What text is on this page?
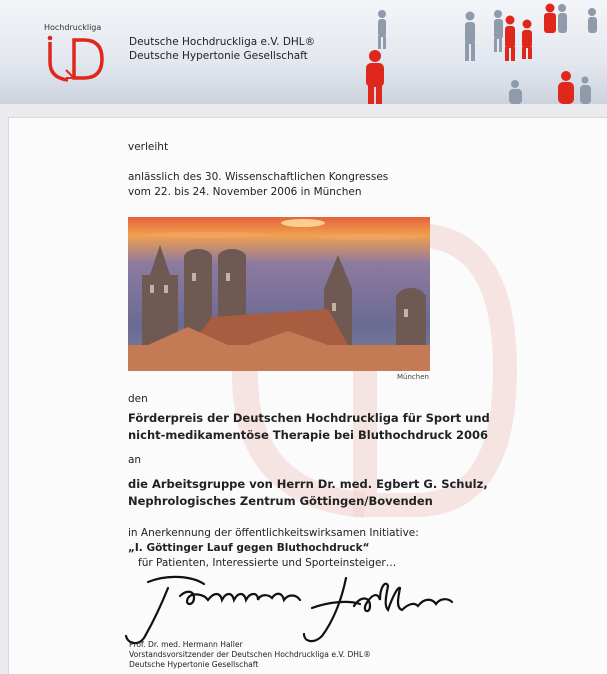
Hochdruckliga
Deutsche Hochdruckliga e.V. DHL®
Deutsche Hypertonie Gesellschaft
verleiht
anlässlich des 30. Wissenschaftlichen Kongresses
vom 22. bis 24. November 2006 in München
München
den
Förderpreis der Deutschen Hochdruckliga für Sport und
nicht-medikamentöse Therapie bei Bluthochdruck 2006
an
die Arbeitsgruppe von Herrn Dr. med. Egbert G. Schulz,
Nephrologisches Zentrum Göttingen/Bovenden
in Anerkennung der öffentlichkeitswirksamen Initiative:
„I. Göttinger Lauf gegen Bluthochdruck“
für Patienten, Interessierte und Sporteinsteiger…
Prof. Dr. med. Hermann Haller
Vorstandsvorsitzender der Deutschen Hochdruckliga e.V. DHL®
Deutsche Hypertonie Gesellschaft
